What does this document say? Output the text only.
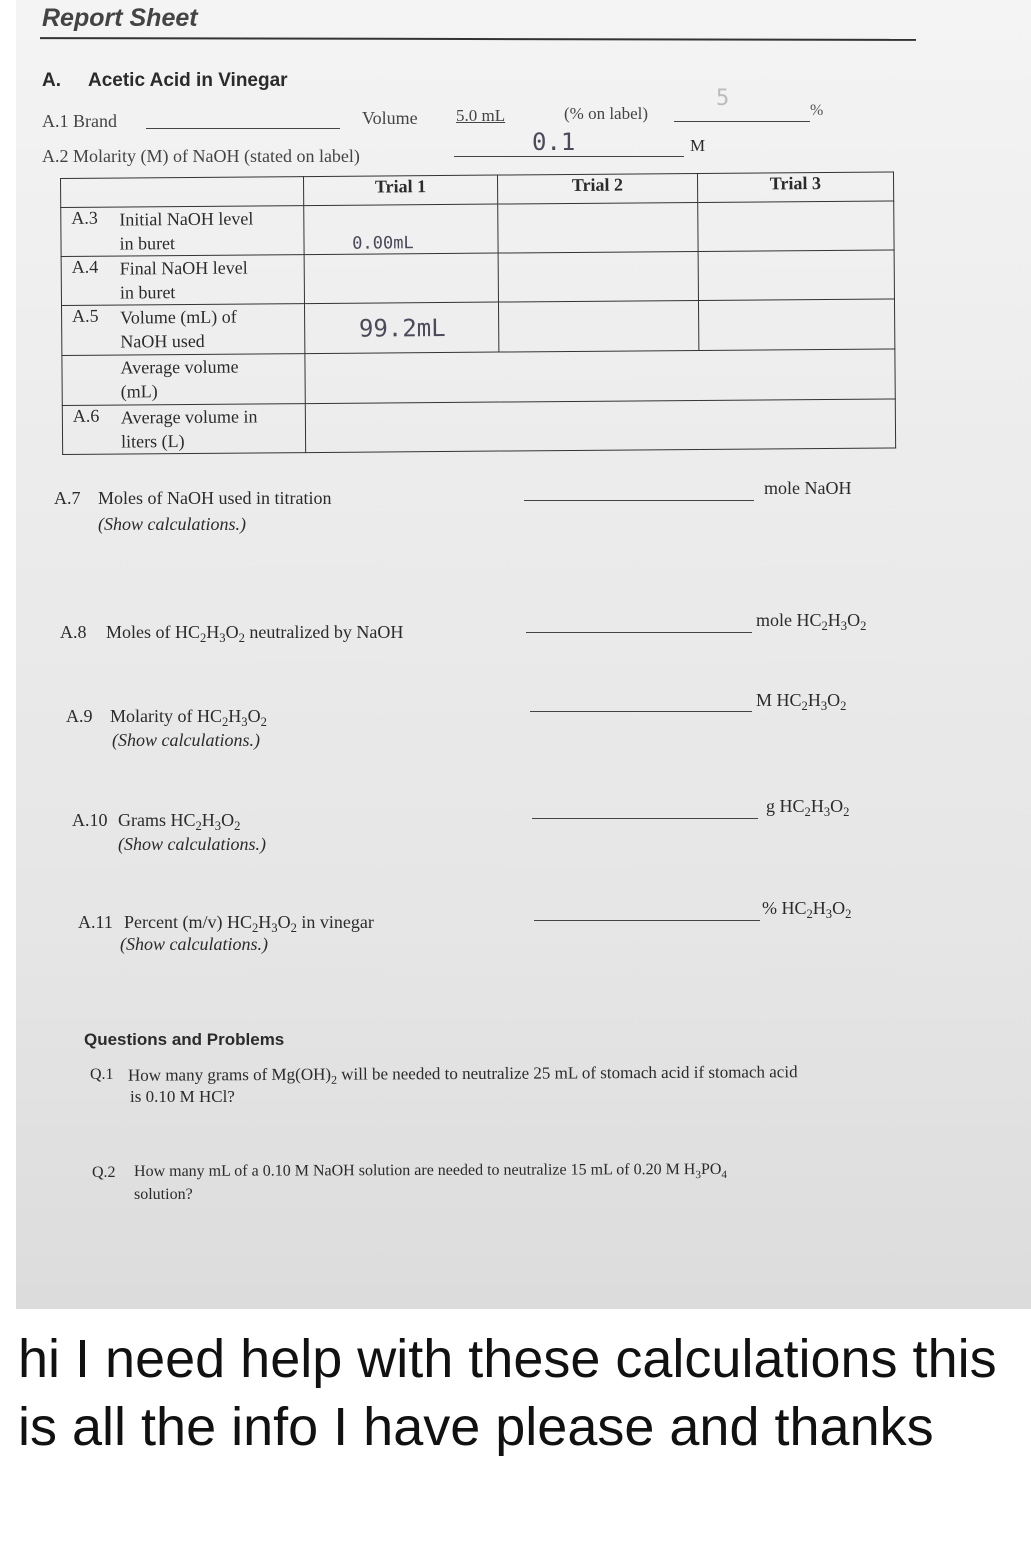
Report Sheet
A. Acetic Acid in Vinegar
A.1 Brand	Volume 5.0 mL	(% on label)
5	%
A.2 Molarity (M) of NaOH (stated on label)	0.1	M
	Trial 1	Trial 2	Trial 3

A.3 Initial NaOH level
in buret	0.00mL		

A.4 Final NaOH level
in buret			

A.5 Volume (mL) of
NaOH used	99.2mL		

Average volume
(mL)			

A.6 Average volume in
liters (L)			

A.7 Moles of NaOH used in titration
(Show calculations.)
mole NaOH
A.8 Moles of $HC_2H_3O_2$ neutralized by NaOH
mole $HC_2H_3O_2$
A.9 Molarity of $HC_2H_3O_2$
(Show calculations.)
M $HC_2H_3O_2$
A.10 Grams $HC_2H_3O_2$
(Show calculations.)
g $HC_2H_3O_2$
A.11 Percent (m/v) $HC_2H_3O_2$ in vinegar
(Show calculations.)
% $HC_2H_3O_2$
Questions and Problems
Q.1 How many grams of $Mg(OH)_2$ will be needed to neutralize 25 mL of stomach acid if stomach acid
is 0.10 M HCl?
Q.2 How many mL of a 0.10 M NaOH solution are needed to neutralize 15 mL of 0.20 M $H_3PO_4$
solution?
hi I need help with these calculations this is all the info I have please and thanks
